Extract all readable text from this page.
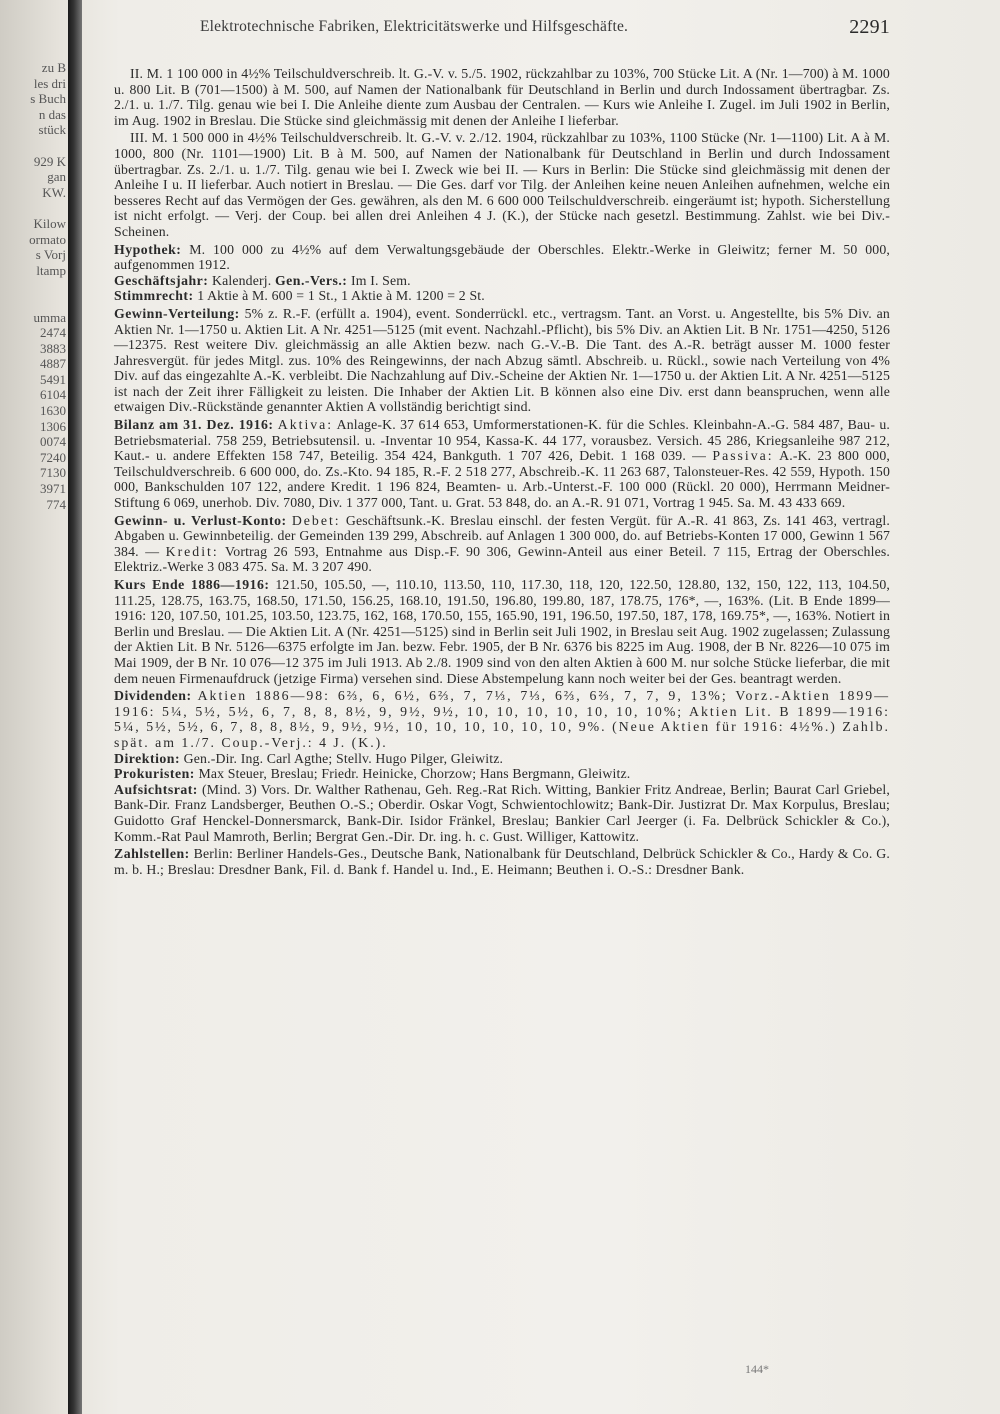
zu B
les dri
s Buch
n das
stück

929 K
gan
KW.

Kilow
ormato
s Vorj
ltamp

umma
2474
3883
4887
5491
6104
1630
1306
0074
7240
7130
3971
774
Elektrotechnische Fabriken, Elektricitätswerke und Hilfsgeschäfte.	2291

II. M. 1 100 000 in 4½% Teilschuldverschreib. lt. G.-V. v. 5./5. 1902, rückzahlbar zu 103%, 700 Stücke Lit. A (Nr. 1—700) à M. 1000 u. 800 Lit. B (701—1500) à M. 500, auf Namen der Nationalbank für Deutschland in Berlin und durch Indossament übertragbar. Zs. 2./1. u. 1./7. Tilg. genau wie bei I. Die Anleihe diente zum Ausbau der Centralen. — Kurs wie Anleihe I. Zugel. im Juli 1902 in Berlin, im Aug. 1902 in Breslau. Die Stücke sind gleichmässig mit denen der Anleihe I lieferbar.

III. M. 1 500 000 in 4½% Teilschuldverschreib. lt. G.-V. v. 2./12. 1904, rückzahlbar zu 103%, 1100 Stücke (Nr. 1—1100) Lit. A à M. 1000, 800 (Nr. 1101—1900) Lit. B à M. 500, auf Namen der Nationalbank für Deutschland in Berlin und durch Indossament übertragbar. Zs. 2./1. u. 1./7. Tilg. genau wie bei I. Zweck wie bei II. — Kurs in Berlin: Die Stücke sind gleichmässig mit denen der Anleihe I u. II lieferbar. Auch notiert in Breslau. — Die Ges. darf vor Tilg. der Anleihen keine neuen Anleihen aufnehmen, welche ein besseres Recht auf das Vermögen der Ges. gewähren, als den M. 6 600 000 Teilschuldverschreib. eingeräumt ist; hypoth. Sicherstellung ist nicht erfolgt. — Verj. der Coup. bei allen drei Anleihen 4 J. (K.), der Stücke nach gesetzl. Bestimmung. Zahlst. wie bei Div.-Scheinen.

Hypothek: M. 100 000 zu 4½% auf dem Verwaltungsgebäude der Oberschles. Elektr.-Werke in Gleiwitz; ferner M. 50 000, aufgenommen 1912.

Geschäftsjahr: Kalenderj. Gen.-Vers.: Im I. Sem.

Stimmrecht: 1 Aktie à M. 600 = 1 St., 1 Aktie à M. 1200 = 2 St.

Gewinn-Verteilung: 5% z. R.-F. (erfüllt a. 1904), event. Sonderrückl. etc., vertragsm. Tant. an Vorst. u. Angestellte, bis 5% Div. an Aktien Nr. 1—1750 u. Aktien Lit. A Nr. 4251—5125 (mit event. Nachzahl.-Pflicht), bis 5% Div. an Aktien Lit. B Nr. 1751—4250, 5126—12375. Rest weitere Div. gleichmässig an alle Aktien bezw. nach G.-V.-B. Die Tant. des A.-R. beträgt ausser M. 1000 fester Jahresvergüt. für jedes Mitgl. zus. 10% des Reingewinns, der nach Abzug sämtl. Abschreib. u. Rückl., sowie nach Verteilung von 4% Div. auf das eingezahlte A.-K. verbleibt. Die Nachzahlung auf Div.-Scheine der Aktien Nr. 1—1750 u. der Aktien Lit. A Nr. 4251—5125 ist nach der Zeit ihrer Fälligkeit zu leisten. Die Inhaber der Aktien Lit. B können also eine Div. erst dann beanspruchen, wenn alle etwaigen Div.-Rückstände genannter Aktien A vollständig berichtigt sind.

Bilanz am 31. Dez. 1916: Aktiva: Anlage-K. 37 614 653, Umformerstationen-K. für die Schles. Kleinbahn-A.-G. 584 487, Bau- u. Betriebsmaterial. 758 259, Betriebsutensil. u. -Inventar 10 954, Kassa-K. 44 177, vorausbez. Versich. 45 286, Kriegsanleihe 987 212, Kaut.- u. andere Effekten 158 747, Beteilig. 354 424, Bankguth. 1 707 426, Debit. 1 168 039. — Passiva: A.-K. 23 800 000, Teilschuldverschreib. 6 600 000, do. Zs.-Kto. 94 185, R.-F. 2 518 277, Abschreib.-K. 11 263 687, Talonsteuer-Res. 42 559, Hypoth. 150 000, Bankschulden 107 122, andere Kredit. 1 196 824, Beamten- u. Arb.-Unterst.-F. 100 000 (Rückl. 20 000), Herrmann Meidner-Stiftung 6 069, unerhob. Div. 7080, Div. 1 377 000, Tant. u. Grat. 53 848, do. an A.-R. 91 071, Vortrag 1 945. Sa. M. 43 433 669.

Gewinn- u. Verlust-Konto: Debet: Geschäftsunk.-K. Breslau einschl. der festen Vergüt. für A.-R. 41 863, Zs. 141 463, vertragl. Abgaben u. Gewinnbeteilig. der Gemeinden 139 299, Abschreib. auf Anlagen 1 300 000, do. auf Betriebs-Konten 17 000, Gewinn 1 567 384. — Kredit: Vortrag 26 593, Entnahme aus Disp.-F. 90 306, Gewinn-Anteil aus einer Beteil. 7 115, Ertrag der Oberschles. Elektriz.-Werke 3 083 475. Sa. M. 3 207 490.

Kurs Ende 1886—1916: 121.50, 105.50, —, 110.10, 113.50, 110, 117.30, 118, 120, 122.50, 128.80, 132, 150, 122, 113, 104.50, 111.25, 128.75, 163.75, 168.50, 171.50, 156.25, 168.10, 191.50, 196.80, 199.80, 187, 178.75, 176*, —, 163%. (Lit. B Ende 1899—1916: 120, 107.50, 101.25, 103.50, 123.75, 162, 168, 170.50, 155, 165.90, 191, 196.50, 197.50, 187, 178, 169.75*, —, 163%. Notiert in Berlin und Breslau. — Die Aktien Lit. A (Nr. 4251—5125) sind in Berlin seit Juli 1902, in Breslau seit Aug. 1902 zugelassen; Zulassung der Aktien Lit. B Nr. 5126—6375 erfolgte im Jan. bezw. Febr. 1905, der B Nr. 6376 bis 8225 im Aug. 1908, der B Nr. 8226—10 075 im Mai 1909, der B Nr. 10 076—12 375 im Juli 1913. Ab 2./8. 1909 sind von den alten Aktien à 600 M. nur solche Stücke lieferbar, die mit dem neuen Firmenaufdruck (jetzige Firma) versehen sind. Diese Abstempelung kann noch weiter bei der Ges. beantragt werden.

Dividenden: Aktien 1886—98: 6⅔, 6, 6½, 6⅔, 7, 7⅓, 7⅓, 6⅔, 6⅔, 7, 7, 9, 13%; Vorz.-Aktien 1899—1916: 5¼, 5½, 5½, 6, 7, 8, 8, 8½, 9, 9½, 9½, 10, 10, 10, 10, 10, 10, 10%; Aktien Lit. B 1899—1916: 5¼, 5½, 5½, 6, 7, 8, 8, 8½, 9, 9½, 9½, 10, 10, 10, 10, 10, 10, 9%. (Neue Aktien für 1916: 4½%.) Zahlb. spät. am 1./7. Coup.-Verj.: 4 J. (K.).

Direktion: Gen.-Dir. Ing. Carl Agthe; Stellv. Hugo Pilger, Gleiwitz.

Prokuristen: Max Steuer, Breslau; Friedr. Heinicke, Chorzow; Hans Bergmann, Gleiwitz.

Aufsichtsrat: (Mind. 3) Vors. Dr. Walther Rathenau, Geh. Reg.-Rat Rich. Witting, Bankier Fritz Andreae, Berlin; Baurat Carl Griebel, Bank-Dir. Franz Landsberger, Beuthen O.-S.; Oberdir. Oskar Vogt, Schwientochlowitz; Bank-Dir. Justizrat Dr. Max Korpulus, Breslau; Guidotto Graf Henckel-Donnersmarck, Bank-Dir. Isidor Fränkel, Breslau; Bankier Carl Jeerger (i. Fa. Delbrück Schickler & Co.), Komm.-Rat Paul Mamroth, Berlin; Bergrat Gen.-Dir. Dr. ing. h. c. Gust. Williger, Kattowitz.

Zahlstellen: Berlin: Berliner Handels-Ges., Deutsche Bank, Nationalbank für Deutschland, Delbrück Schickler & Co., Hardy & Co. G. m. b. H.; Breslau: Dresdner Bank, Fil. d. Bank f. Handel u. Ind., E. Heimann; Beuthen i. O.-S.: Dresdner Bank.

144*
